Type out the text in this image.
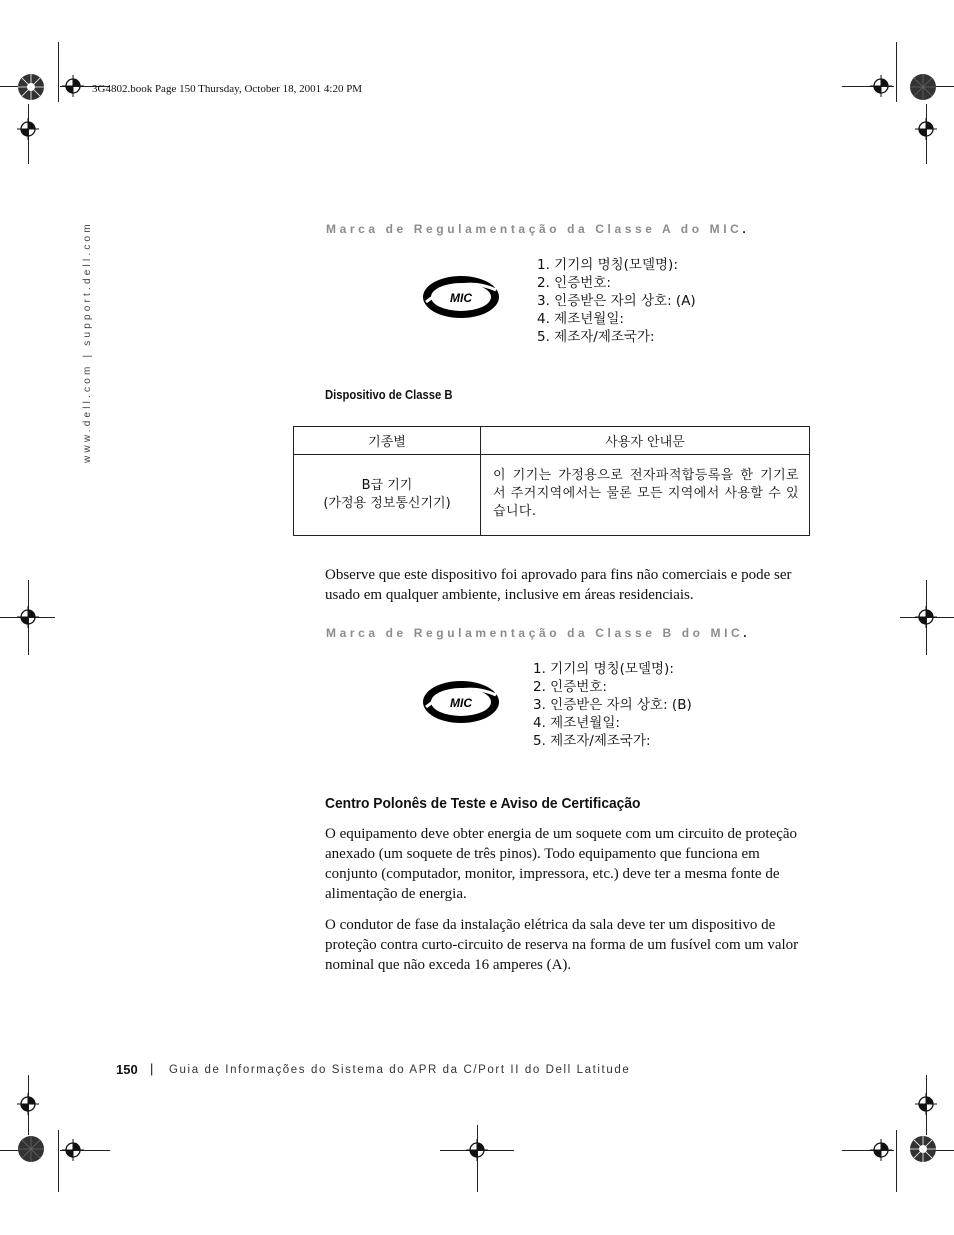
3G4802.book Page 150 Thursday, October 18, 2001 4:20 PM
www.dell.com | support.dell.com	Marca de Regulamentação da Classe A do MIC .
MIC
1. 기기의 명칭(모델명):
2. 인증번호:
3. 인증받은 자의 상호: (A)
4. 제조년월일:
5. 제조자/제조국가:
Dispositivo de Classe B
기종별	사용자 안내문

B급 기기
(가정용 정보통신기기)	이 기기는 가정용으로 전자파적합등록을 한 기기로서 주거지역에서는 물론 모든 지역에서 사용할 수 있습니다.

Observe que este dispositivo foi aprovado para fins não comerciais e pode ser usado em qualquer ambiente, inclusive em áreas residenciais.

Marca de Regulamentação da Classe B do MIC .
MIC
1. 기기의 명칭(모델명):
2. 인증번호:
3. 인증받은 자의 상호: (B)
4. 제조년월일:
5. 제조자/제조국가:
Centro Polonês de Teste e Aviso de Certificação

O equipamento deve obter energia de um soquete com um circuito de proteção anexado (um soquete de três pinos). Todo equipamento que funciona em conjunto (computador, monitor, impressora, etc.) deve ter a mesma fonte de alimentação de energia.

O condutor de fase da instalação elétrica da sala deve ter um dispositivo de proteção contra curto-circuito de reserva na forma de um fusível com um valor nominal que não exceda 16 amperes (A).

150 | Guia de Informações do Sistema do APR da C/Port II do Dell Latitude
